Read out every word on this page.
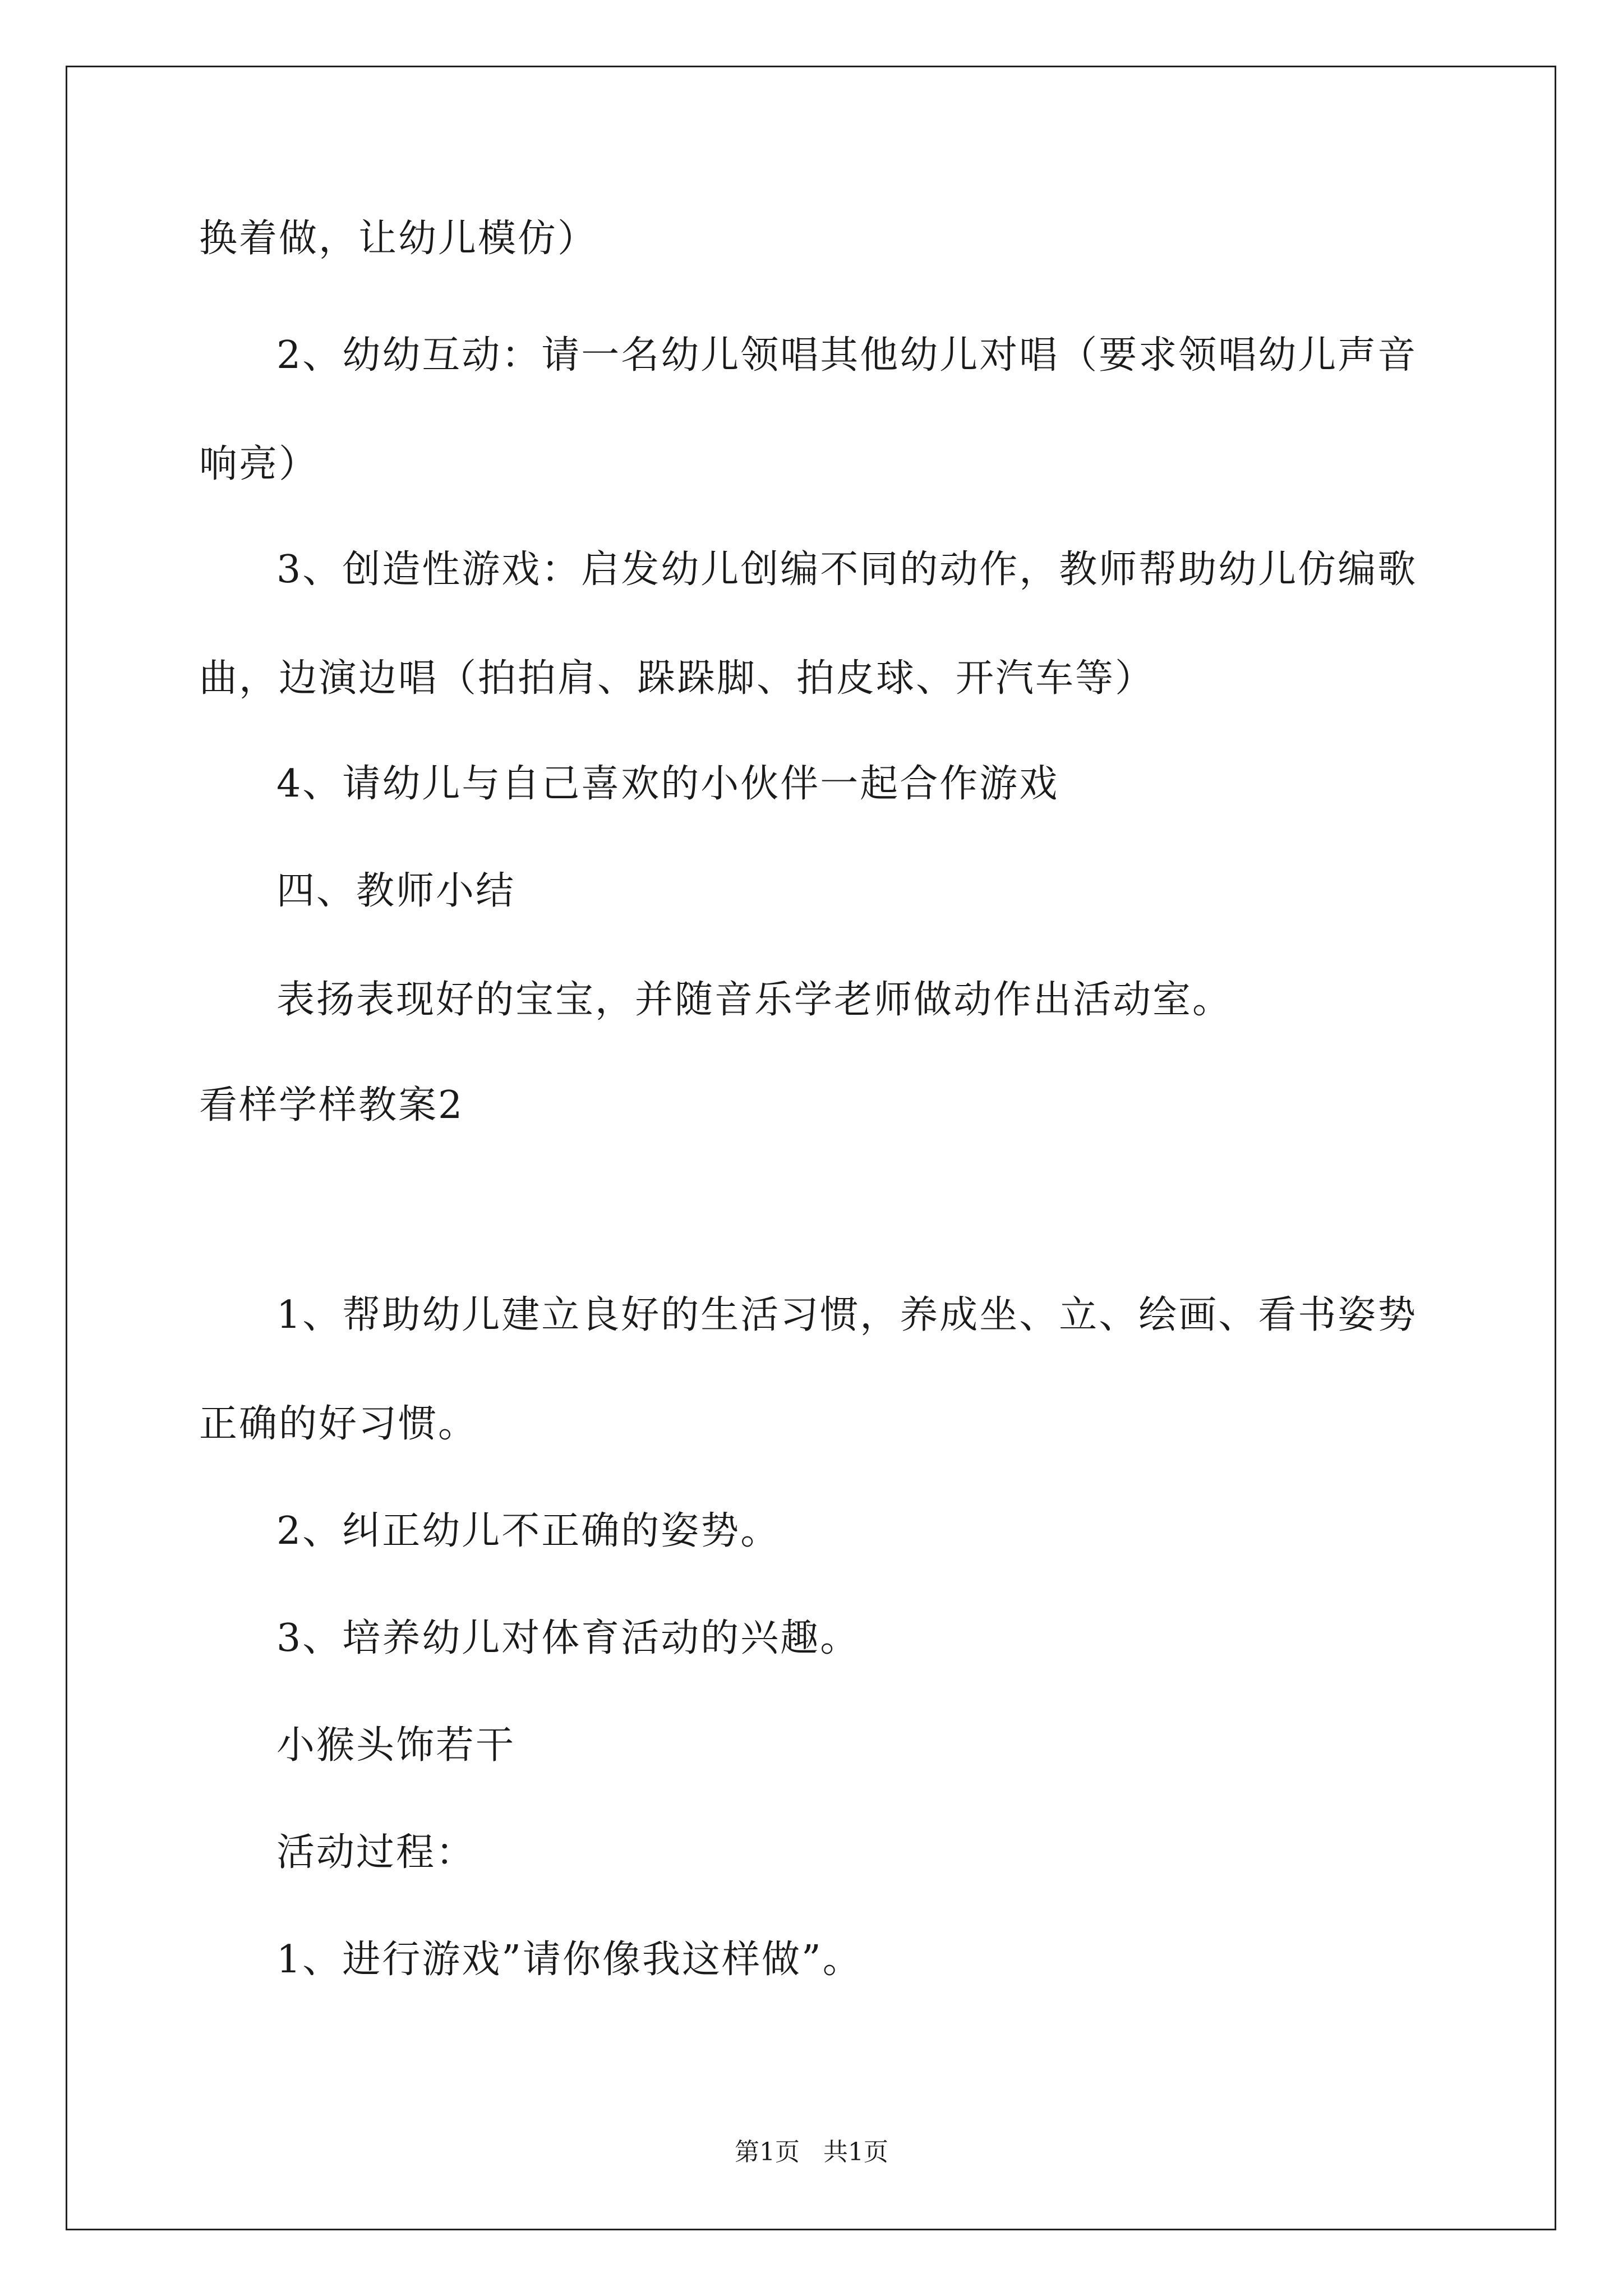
换着做，让幼儿模仿）
2、幼幼互动：请一名幼儿领唱其他幼儿对唱（要求领唱幼儿声音
响亮）
3、创造性游戏：启发幼儿创编不同的动作，教师帮助幼儿仿编歌
曲，边演边唱（拍拍肩、跺跺脚、拍皮球、开汽车等）
4、请幼儿与自己喜欢的小伙伴一起合作游戏
四、教师小结
表扬表现好的宝宝，并随音乐学老师做动作出活动室。
看样学样教案2
1、帮助幼儿建立良好的生活习惯，养成坐、立、绘画、看书姿势
正确的好习惯。
2、纠正幼儿不正确的姿势。
3、培养幼儿对体育活动的兴趣。
小猴头饰若干
活动过程：
1、进行游戏”请你像我这样做”。
第1页   共1页
